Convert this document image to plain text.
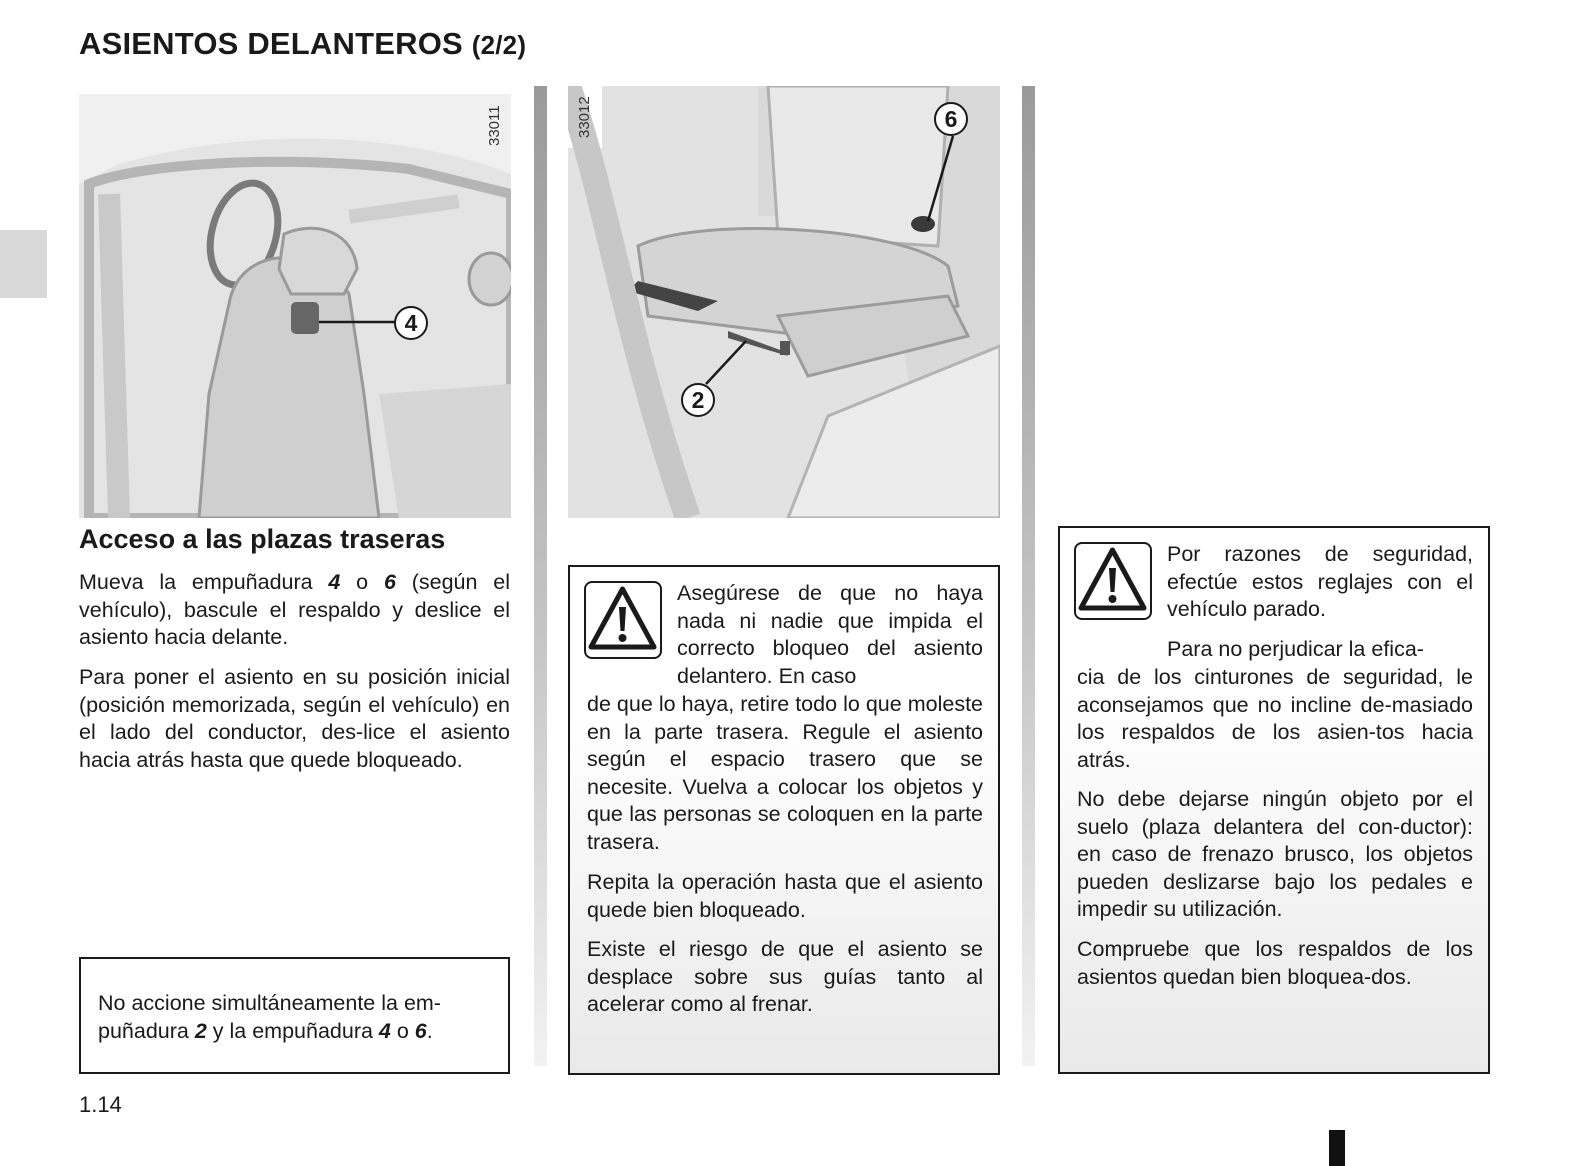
ASIENTOS DELANTEROS (2/2)
33011
4
33012	6
2
Acceso a las plazas traseras
Mueva la empuñadura 4 o 6 (según el vehículo), bascule el respaldo y deslice el asiento hacia delante.
Para poner el asiento en su posición inicial (posición memorizada, según el vehículo) en el lado del conductor, des-lice el asiento hacia atrás hasta que quede bloqueado.
No accione simultáneamente la em-puñadura 2 y la empuñadura 4 o 6.
Asegúrese de que no haya nada ni nadie que impida el correcto bloqueo del asiento delantero. En caso
de que lo haya, retire todo lo que moleste en la parte trasera. Regule el asiento según el espacio trasero que se necesite. Vuelva a colocar los objetos y que las personas se coloquen en la parte trasera.
Repita la operación hasta que el asiento quede bien bloqueado.
Existe el riesgo de que el asiento se desplace sobre sus guías tanto al acelerar como al frenar.
Por razones de seguridad, efectúe estos reglajes con el vehículo parado.
Para no perjudicar la efica-
cia de los cinturones de seguridad, le aconsejamos que no incline de-masiado los respaldos de los asien-tos hacia atrás.
No debe dejarse ningún objeto por el suelo (plaza delantera del con-ductor): en caso de frenazo brusco, los objetos pueden deslizarse bajo los pedales e impedir su utilización.
Compruebe que los respaldos de los asientos quedan bien bloquea-dos.
1.14
